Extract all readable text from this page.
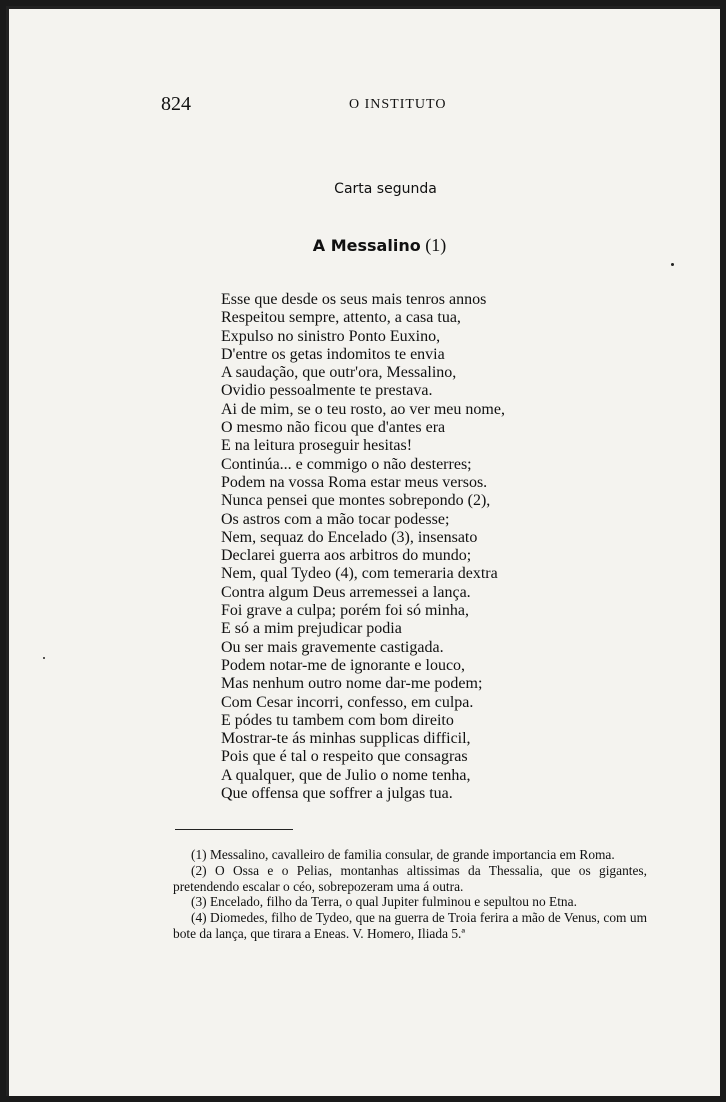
824	O INSTITUTO
Carta segunda
A Messalino (1)
Esse que desde os seus mais tenros annos
Respeitou sempre, attento, a casa tua,
Expulso no sinistro Ponto Euxino,
D'entre os getas indomitos te envia
A saudação, que outr'ora, Messalino,
Ovidio pessoalmente te prestava.
Ai de mim, se o teu rosto, ao ver meu nome,
O mesmo não ficou que d'antes era
E na leitura proseguir hesitas!
Continúa... e commigo o não desterres;
Podem na vossa Roma estar meus versos.
Nunca pensei que montes sobrepondo (2),
Os astros com a mão tocar podesse;
Nem, sequaz do Encelado (3), insensato
Declarei guerra aos arbitros do mundo;
Nem, qual Tydeo (4), com temeraria dextra
Contra algum Deus arremessei a lança.
Foi grave a culpa; porém foi só minha,
E só a mim prejudicar podia
Ou ser mais gravemente castigada.
Podem notar-me de ignorante e louco,
Mas nenhum outro nome dar-me podem;
Com Cesar incorri, confesso, em culpa.
E pódes tu tambem com bom direito
Mostrar-te ás minhas supplicas difficil,
Pois que é tal o respeito que consagras
A qualquer, que de Julio o nome tenha,
Que offensa que soffrer a julgas tua.
(1) Messalino, cavalleiro de familia consular, de grande importancia em Roma.
(2) O Ossa e o Pelias, montanhas altissimas da Thessalia, que os gigantes, pretendendo escalar o céo, sobrepozeram uma á outra.
(3) Encelado, filho da Terra, o qual Jupiter fulminou e sepultou no Etna.
(4) Diomedes, filho de Tydeo, que na guerra de Troia ferira a mão de Venus, com um bote da lança, que tirara a Eneas. V. Homero, Iliada 5.ª
